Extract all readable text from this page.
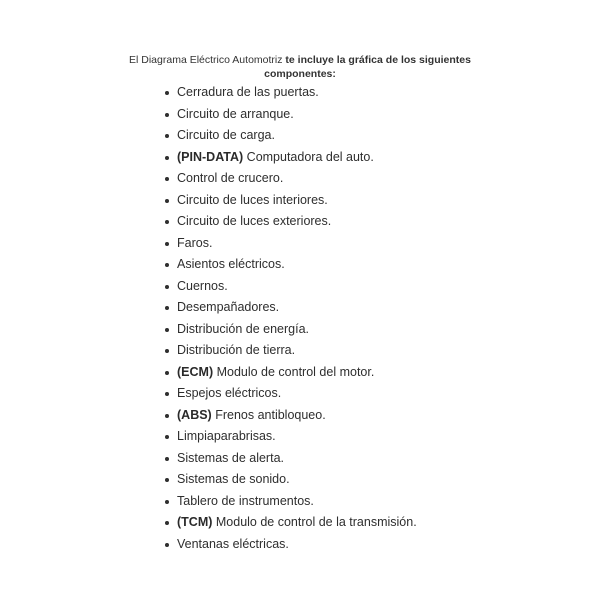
El Diagrama Eléctrico Automotriz te incluye la gráfica de los siguientes componentes:

Cerradura de las puertas.
Circuito de arranque.
Circuito de carga.
(PIN-DATA) Computadora del auto.
Control de crucero.
Circuito de luces interiores.
Circuito de luces exteriores.
Faros.
Asientos eléctricos.
Cuernos.
Desempañadores.
Distribución de energía.
Distribución de tierra.
(ECM) Modulo de control del motor.
Espejos eléctricos.
(ABS) Frenos antibloqueo.
Limpiaparabrisas.
Sistemas de alerta.
Sistemas de sonido.
Tablero de instrumentos.
(TCM) Modulo de control de la transmisión.
Ventanas eléctricas.
